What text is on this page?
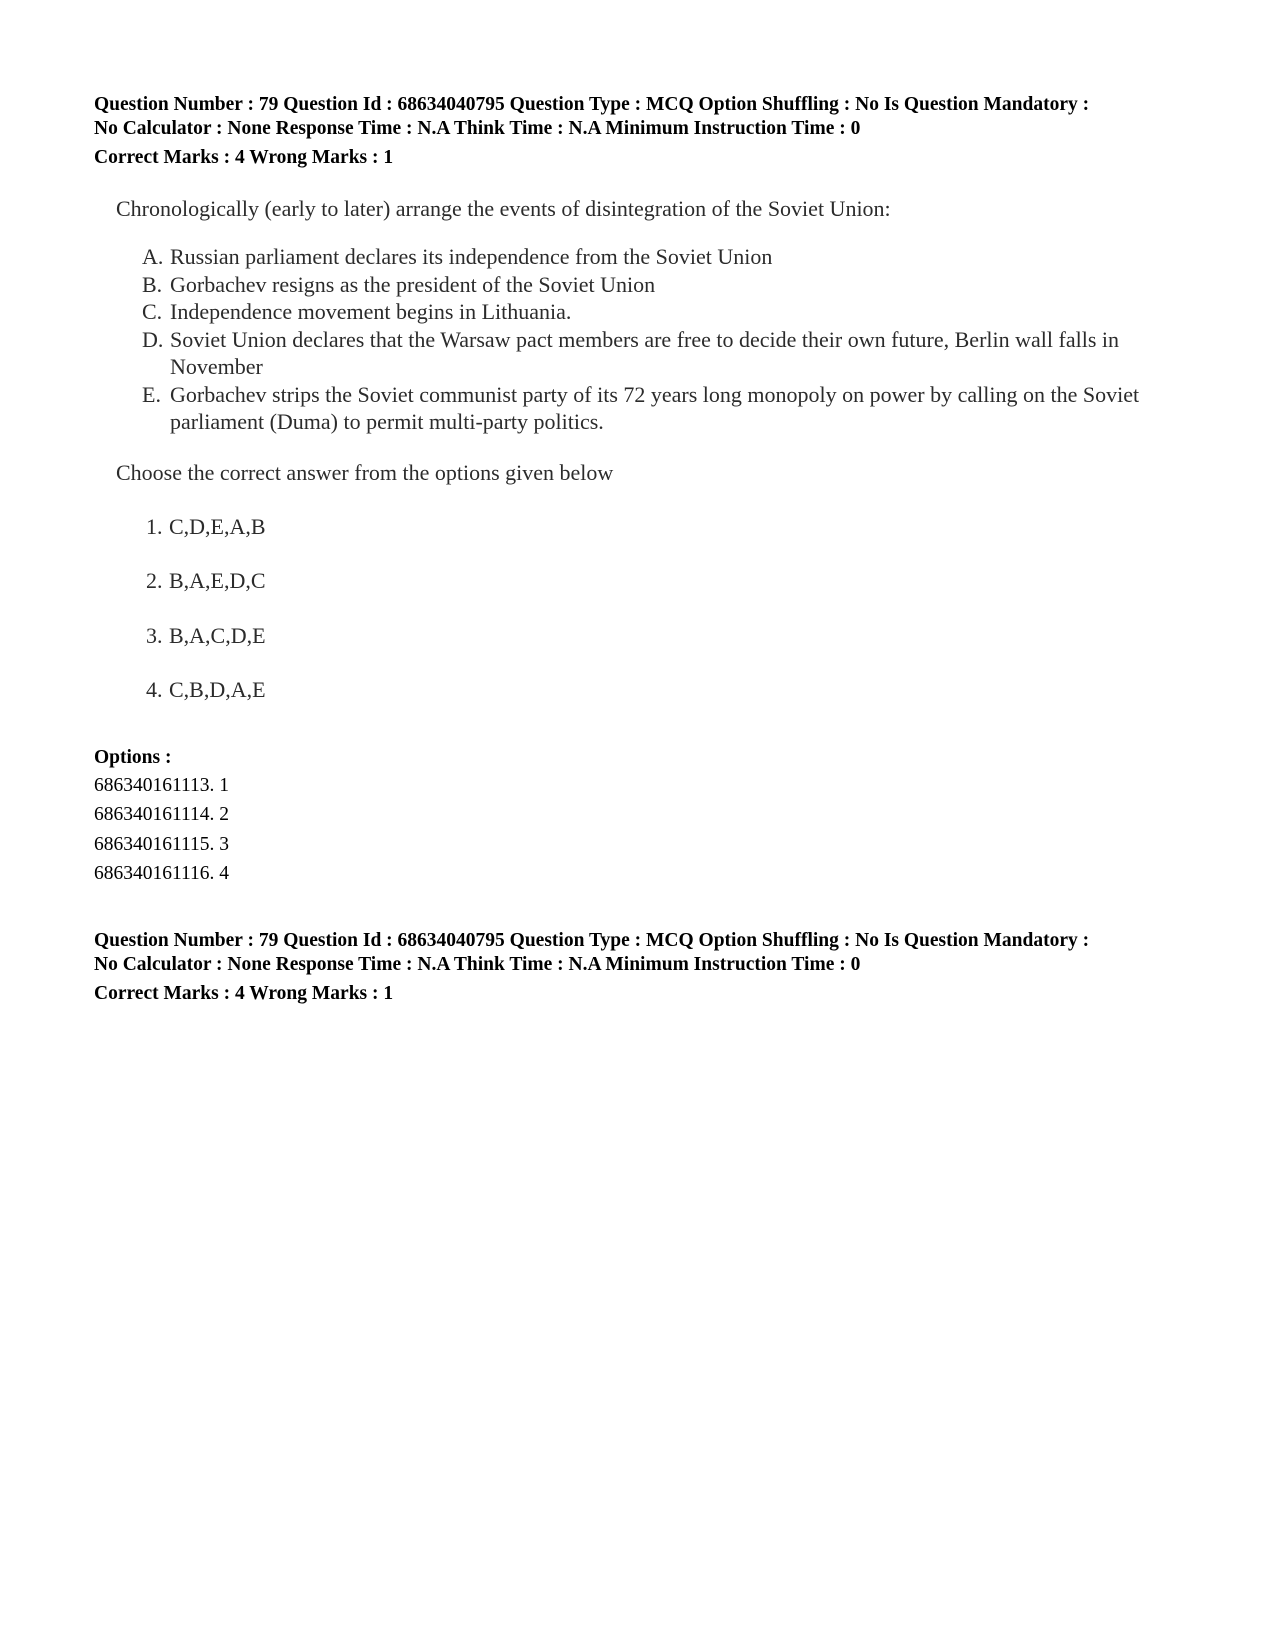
Question Number : 79 Question Id : 68634040795 Question Type : MCQ Option Shuffling : No Is Question Mandatory :
No Calculator : None Response Time : N.A Think Time : N.A Minimum Instruction Time : 0
Correct Marks : 4 Wrong Marks : 1
Chronologically (early to later) arrange the events of disintegration of the Soviet Union:
A. Russian parliament declares its independence from the Soviet Union
B. Gorbachev resigns as the president of the Soviet Union
C. Independence movement begins in Lithuania.
D. Soviet Union declares that the Warsaw pact members are free to decide their own future, Berlin wall falls in November
E. Gorbachev strips the Soviet communist party of its 72 years long monopoly on power by calling on the Soviet parliament (Duma) to permit multi-party politics.
Choose the correct answer from the options given below
1. C,D,E,A,B
2. B,A,E,D,C
3. B,A,C,D,E
4. C,B,D,A,E
Options :
686340161113. 1
686340161114. 2
686340161115. 3
686340161116. 4
Question Number : 79 Question Id : 68634040795 Question Type : MCQ Option Shuffling : No Is Question Mandatory :
No Calculator : None Response Time : N.A Think Time : N.A Minimum Instruction Time : 0
Correct Marks : 4 Wrong Marks : 1
